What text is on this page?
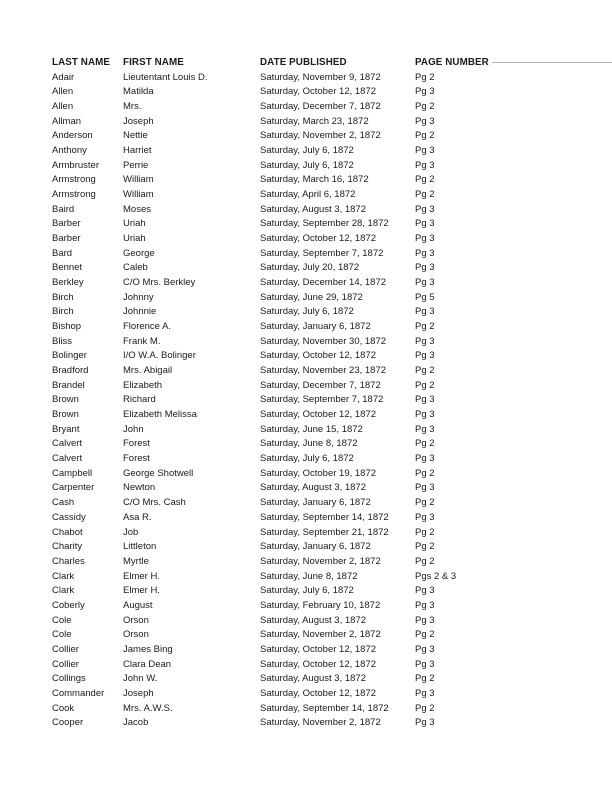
LAST NAME	FIRST NAME	DATE PUBLISHED	PAGE NUMBER
Adair	Lieutentant Louis D.	Saturday, November 9, 1872	Pg 2
Allen	Matilda	Saturday, October 12, 1872	Pg 3
Allen	Mrs.	Saturday, December 7, 1872	Pg 2
Allman	Joseph	Saturday, March 23, 1872	Pg 3
Anderson	Nettie	Saturday, November 2, 1872	Pg 2
Anthony	Harriet	Saturday, July 6, 1872	Pg 3
Armbruster	Perrie	Saturday, July 6, 1872	Pg 3
Armstrong	William	Saturday, March 16, 1872	Pg 2
Armstrong	William	Saturday, April 6, 1872	Pg 2
Baird	Moses	Saturday, August 3, 1872	Pg 3
Barber	Uriah	Saturday, September 28, 1872	Pg 3
Barber	Uriah	Saturday, October 12, 1872	Pg 3
Bard	George	Saturday, September 7, 1872	Pg 3
Bennet	Caleb	Saturday, July 20, 1872	Pg 3
Berkley	C/O Mrs. Berkley	Saturday, December 14, 1872	Pg 3
Birch	Johnny	Saturday, June 29, 1872	Pg 5
Birch	Johnnie	Saturday, July 6, 1872	Pg 3
Bishop	Florence A.	Saturday, January 6, 1872	Pg 2
Bliss	Frank M.	Saturday, November 30, 1872	Pg 3
Bolinger	I/O W.A. Bolinger	Saturday, October 12, 1872	Pg 3
Bradford	Mrs. Abigail	Saturday, November 23, 1872	Pg 2
Brandel	Elizabeth	Saturday, December 7, 1872	Pg 2
Brown	Richard	Saturday, September 7, 1872	Pg 3
Brown	Elizabeth Melissa	Saturday, October 12, 1872	Pg 3
Bryant	John	Saturday, June 15, 1872	Pg 3
Calvert	Forest	Saturday, June 8, 1872	Pg 2
Calvert	Forest	Saturday, July 6, 1872	Pg 3
Campbell	George Shotwell	Saturday, October 19, 1872	Pg 2
Carpenter	Newton	Saturday, August 3, 1872	Pg 3
Cash	C/O Mrs. Cash	Saturday, January 6, 1872	Pg 2
Cassidy	Asa R.	Saturday, September 14, 1872	Pg 3
Chabot	Job	Saturday, September 21, 1872	Pg 2
Charity	Littleton	Saturday, January 6, 1872	Pg 2
Charles	Myrtle	Saturday, November 2, 1872	Pg 2
Clark	Elmer H.	Saturday, June 8, 1872	Pgs 2 & 3
Clark	Elmer H.	Saturday, July 6, 1872	Pg 3
Coberly	August	Saturday, February 10, 1872	Pg 3
Cole	Orson	Saturday, August 3, 1872	Pg 3
Cole	Orson	Saturday, November 2, 1872	Pg 2
Collier	James Bing	Saturday, October 12, 1872	Pg 3
Collier	Clara Dean	Saturday, October 12, 1872	Pg 3
Collings	John W.	Saturday, August 3, 1872	Pg 2
Commander	Joseph	Saturday, October 12, 1872	Pg 3
Cook	Mrs. A.W.S.	Saturday, September 14, 1872	Pg 2
Cooper	Jacob	Saturday, November 2, 1872	Pg 3
